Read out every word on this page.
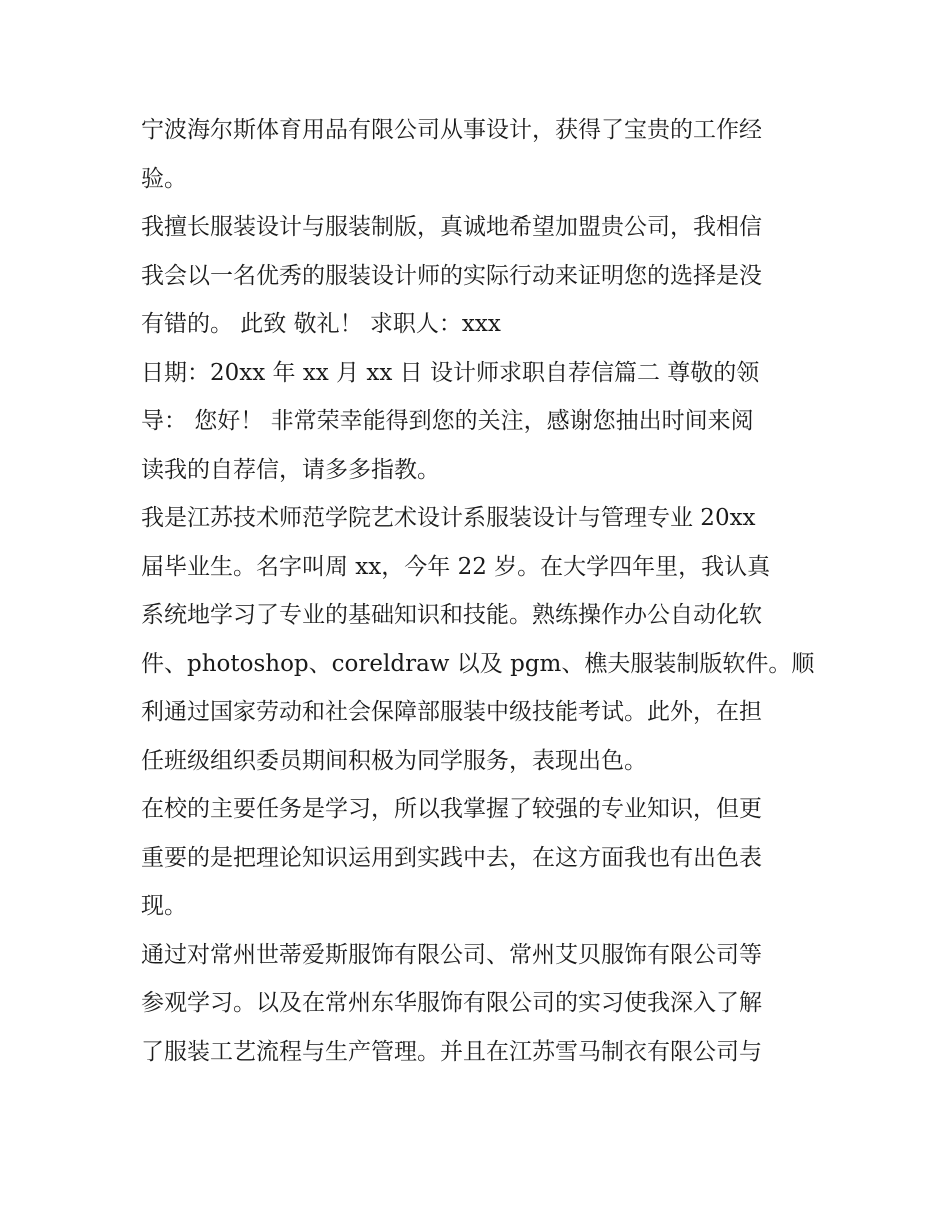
宁波海尔斯体育用品有限公司从事设计，获得了宝贵的工作经
验。
我擅长服装设计与服装制版，真诚地希望加盟贵公司，我相信
我会以一名优秀的服装设计师的实际行动来证明您的选择是没
有错的。 此致 敬礼！ 求职人：xxx
日期：20xx 年 xx 月 xx 日 设计师求职自荐信篇二 尊敬的领
导： 您好！ 非常荣幸能得到您的关注，感谢您抽出时间来阅
读我的自荐信，请多多指教。
我是江苏技术师范学院艺术设计系服装设计与管理专业 20xx
届毕业生。名字叫周 xx，今年 22 岁。在大学四年里，我认真
系统地学习了专业的基础知识和技能。熟练操作办公自动化软
件、photoshop、coreldraw 以及 pgm、樵夫服装制版软件。顺
利通过国家劳动和社会保障部服装中级技能考试。此外，在担
任班级组织委员期间积极为同学服务，表现出色。
在校的主要任务是学习，所以我掌握了较强的专业知识，但更
重要的是把理论知识运用到实践中去，在这方面我也有出色表
现。
通过对常州世蒂爱斯服饰有限公司、常州艾贝服饰有限公司等
参观学习。以及在常州东华服饰有限公司的实习使我深入了解
了服装工艺流程与生产管理。并且在江苏雪马制衣有限公司与
